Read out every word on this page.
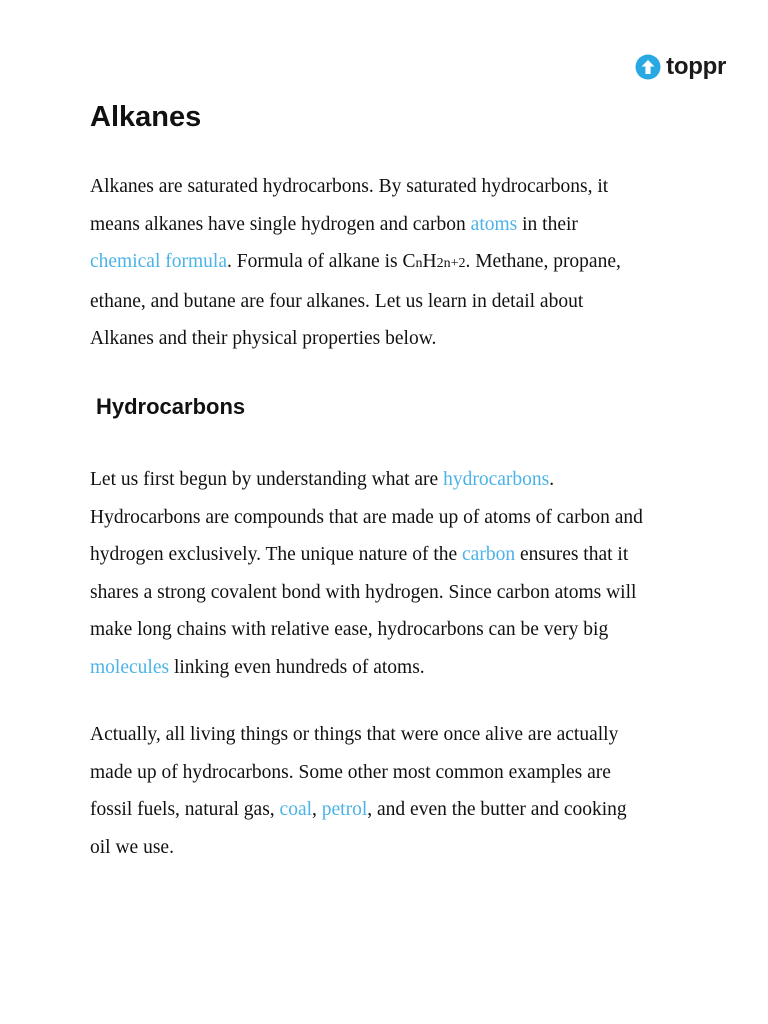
toppr
Alkanes

Alkanes are saturated hydrocarbons. By saturated hydrocarbons, it
means alkanes have single hydrogen and carbon atoms in their
chemical formula. Formula of alkane is CnH2n+2. Methane, propane,
ethane, and butane are four alkanes. Let us learn in detail about
Alkanes and their physical properties below.

Hydrocarbons

Let us first begun by understanding what are hydrocarbons.
Hydrocarbons are compounds that are made up of atoms of carbon and
hydrogen exclusively. The unique nature of the carbon ensures that it
shares a strong covalent bond with hydrogen. Since carbon atoms will
make long chains with relative ease, hydrocarbons can be very big
molecules linking even hundreds of atoms.

Actually, all living things or things that were once alive are actually
made up of hydrocarbons. Some other most common examples are
fossil fuels, natural gas, coal, petrol, and even the butter and cooking
oil we use.
